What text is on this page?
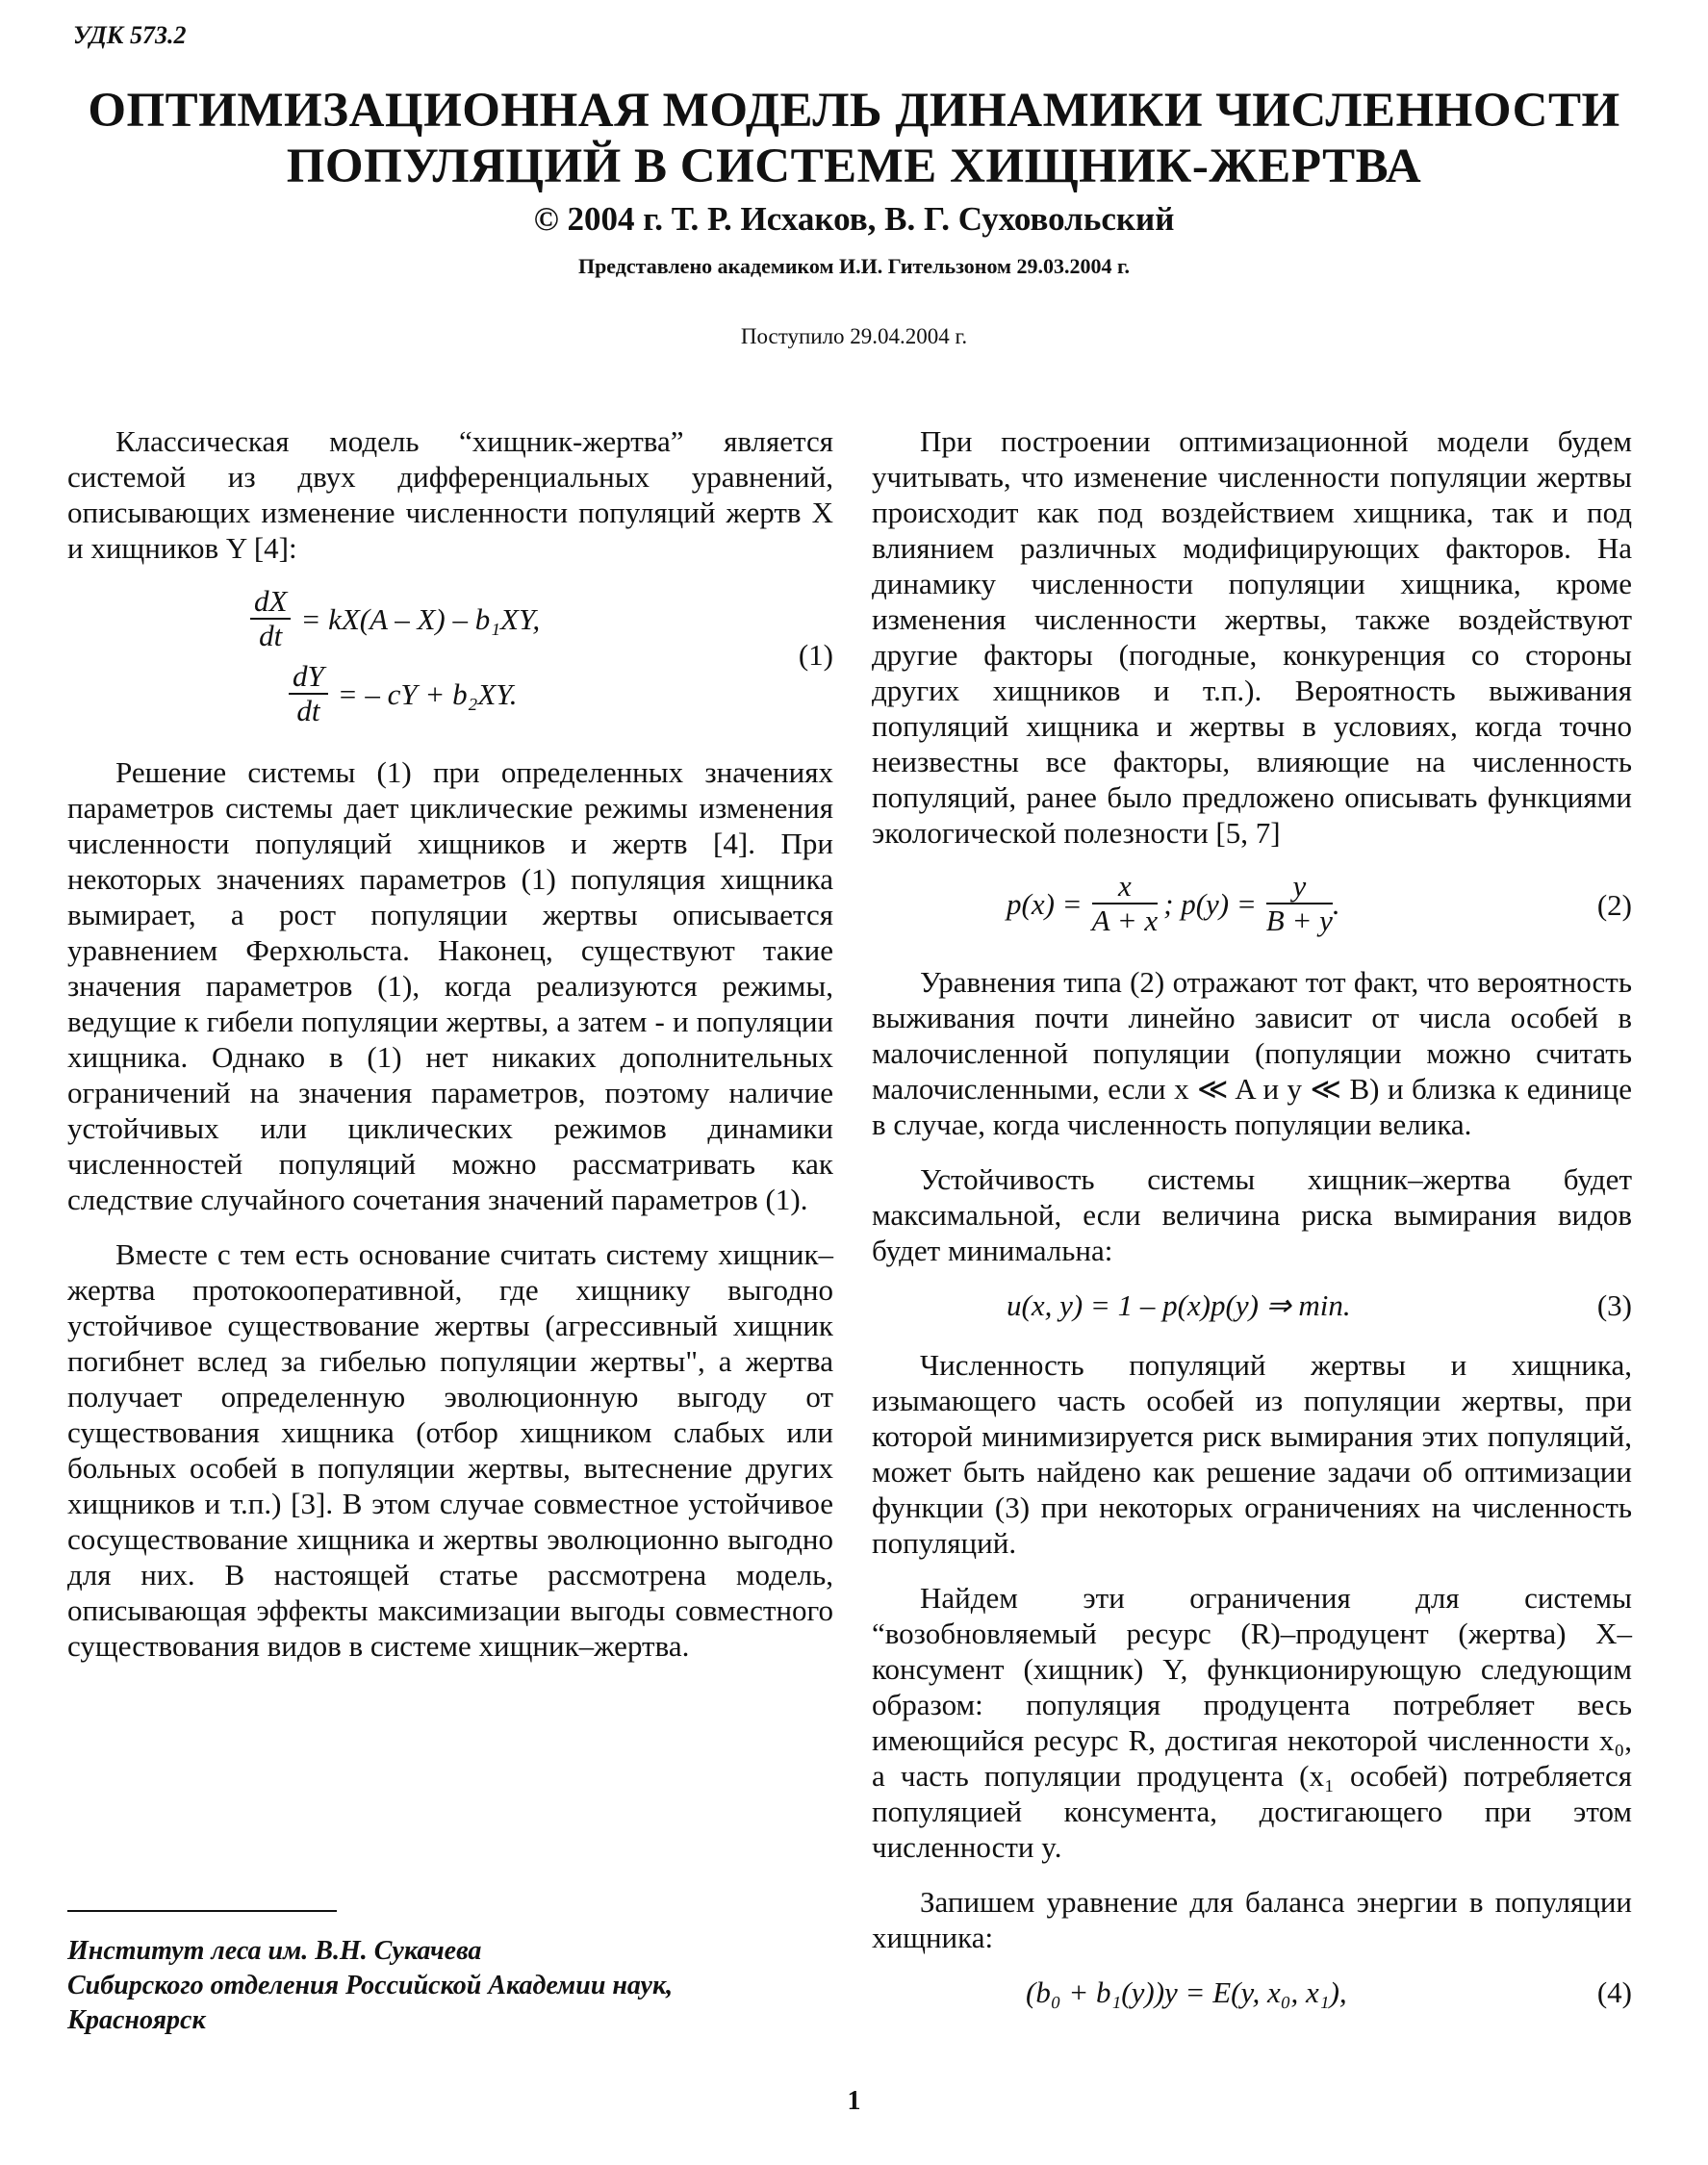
УДК 573.2
ОПТИМИЗАЦИОННАЯ МОДЕЛЬ ДИНАМИКИ ЧИСЛЕННОСТИ
ПОПУЛЯЦИЙ В СИСТЕМЕ ХИЩНИК-ЖЕРТВА
© 2004 г. Т. Р. Исхаков, В. Г. Суховольский
Представлено академиком И.И. Гительзоном 29.03.2004 г.
Поступило 29.04.2004 г.

Классическая модель “хищник-жертва” является системой из двух дифференциальных уравнений, описывающих изменение численности популяций жертв X и хищников Y [4]:

$\frac{dX}{dt} = kX(A - X) - b_1XY$,
$\frac{dY}{dt}$ = – cY + b₂XY.
(1)

Решение системы (1) при определенных значениях параметров системы дает циклические режимы изменения численности популяций хищников и жертв [4]. При некоторых значениях параметров (1) популяция хищника вымирает, а рост популяции жертвы описывается уравнением Ферхюльста. Наконец, существуют такие значения параметров (1), когда реализуются режимы, ведущие к гибели популяции жертвы, а затем - и популяции хищника. Однако в (1) нет никаких дополнительных ограничений на значения параметров, поэтому наличие устойчивых или циклических режимов динамики численностей популяций можно рассматривать как следствие случайного сочетания значений параметров (1).

Вместе с тем есть основание считать систему хищник–жертва протокооперативной, где хищнику выгодно устойчивое существование жертвы (агрессивный хищник погибнет вслед за гибелью популяции жертвы", а жертва получает определенную эволюционную выгоду от существования хищника (отбор хищником слабых или больных особей в популяции жертвы, вытеснение других хищников и т.п.) [3]. В этом случае совместное устойчивое сосуществование хищника и жертвы эволюционно выгодно для них. В настоящей статье рассмотрена модель, описывающая эффекты максимизации выгоды совместного существования видов в системе хищник–жертва.

Институт леса им. В.Н. Сукачева
Сибирского отделения Российской Академии наук,
Красноярск

При построении оптимизационной модели будем учитывать, что изменение численности популяции жертвы происходит как под воздействием хищника, так и под влиянием различных модифицирующих факторов. На динамику численности популяции хищника, кроме изменения численности жертвы, также воздействуют другие факторы (погодные, конкуренция со стороны других хищников и т.п.). Вероятность выживания популяций хищника и жертвы в условиях, когда точно неизвестны все факторы, влияющие на численность популяций, ранее было предложено описывать функциями экологической полезности [5, 7]

$p(x) = \frac{x}{A + x}$ ; $p(y) = \frac{y}{B + y}$ .	(2)

Уравнения типа (2) отражают тот факт, что вероятность выживания почти линейно зависит от числа особей в малочисленной популяции (популяции можно считать малочисленными, если x ≪ A и y ≪ B) и близка к единице в случае, когда численность популяции велика.

Устойчивость системы хищник–жертва будет максимальной, если величина риска вымирания видов будет минимальна:

u(x, y) = 1 – p(x)p(y) ⇒ min.	(3)

Численность популяций жертвы и хищника, изымающего часть особей из популяции жертвы, при которой минимизируется риск вымирания этих популяций, может быть найдено как решение задачи об оптимизации функции (3) при некоторых ограничениях на численность популяций.

Найдем эти ограничения для системы “возобновляемый ресурс (R)–продуцент (жертва) X–консумент (хищник) Y, функционирующую следующим образом: популяция продуцента потребляет весь имеющийся ресурс R, достигая некоторой численности x₀, а часть популяции продуцента (x₁ особей) потребляется популяцией консумента, достигающего при этом численности y.

Запишем уравнение для баланса энергии в популяции хищника:

(b₀ + b₁(y))y = E(y, x₀, x₁),	(4)
1
